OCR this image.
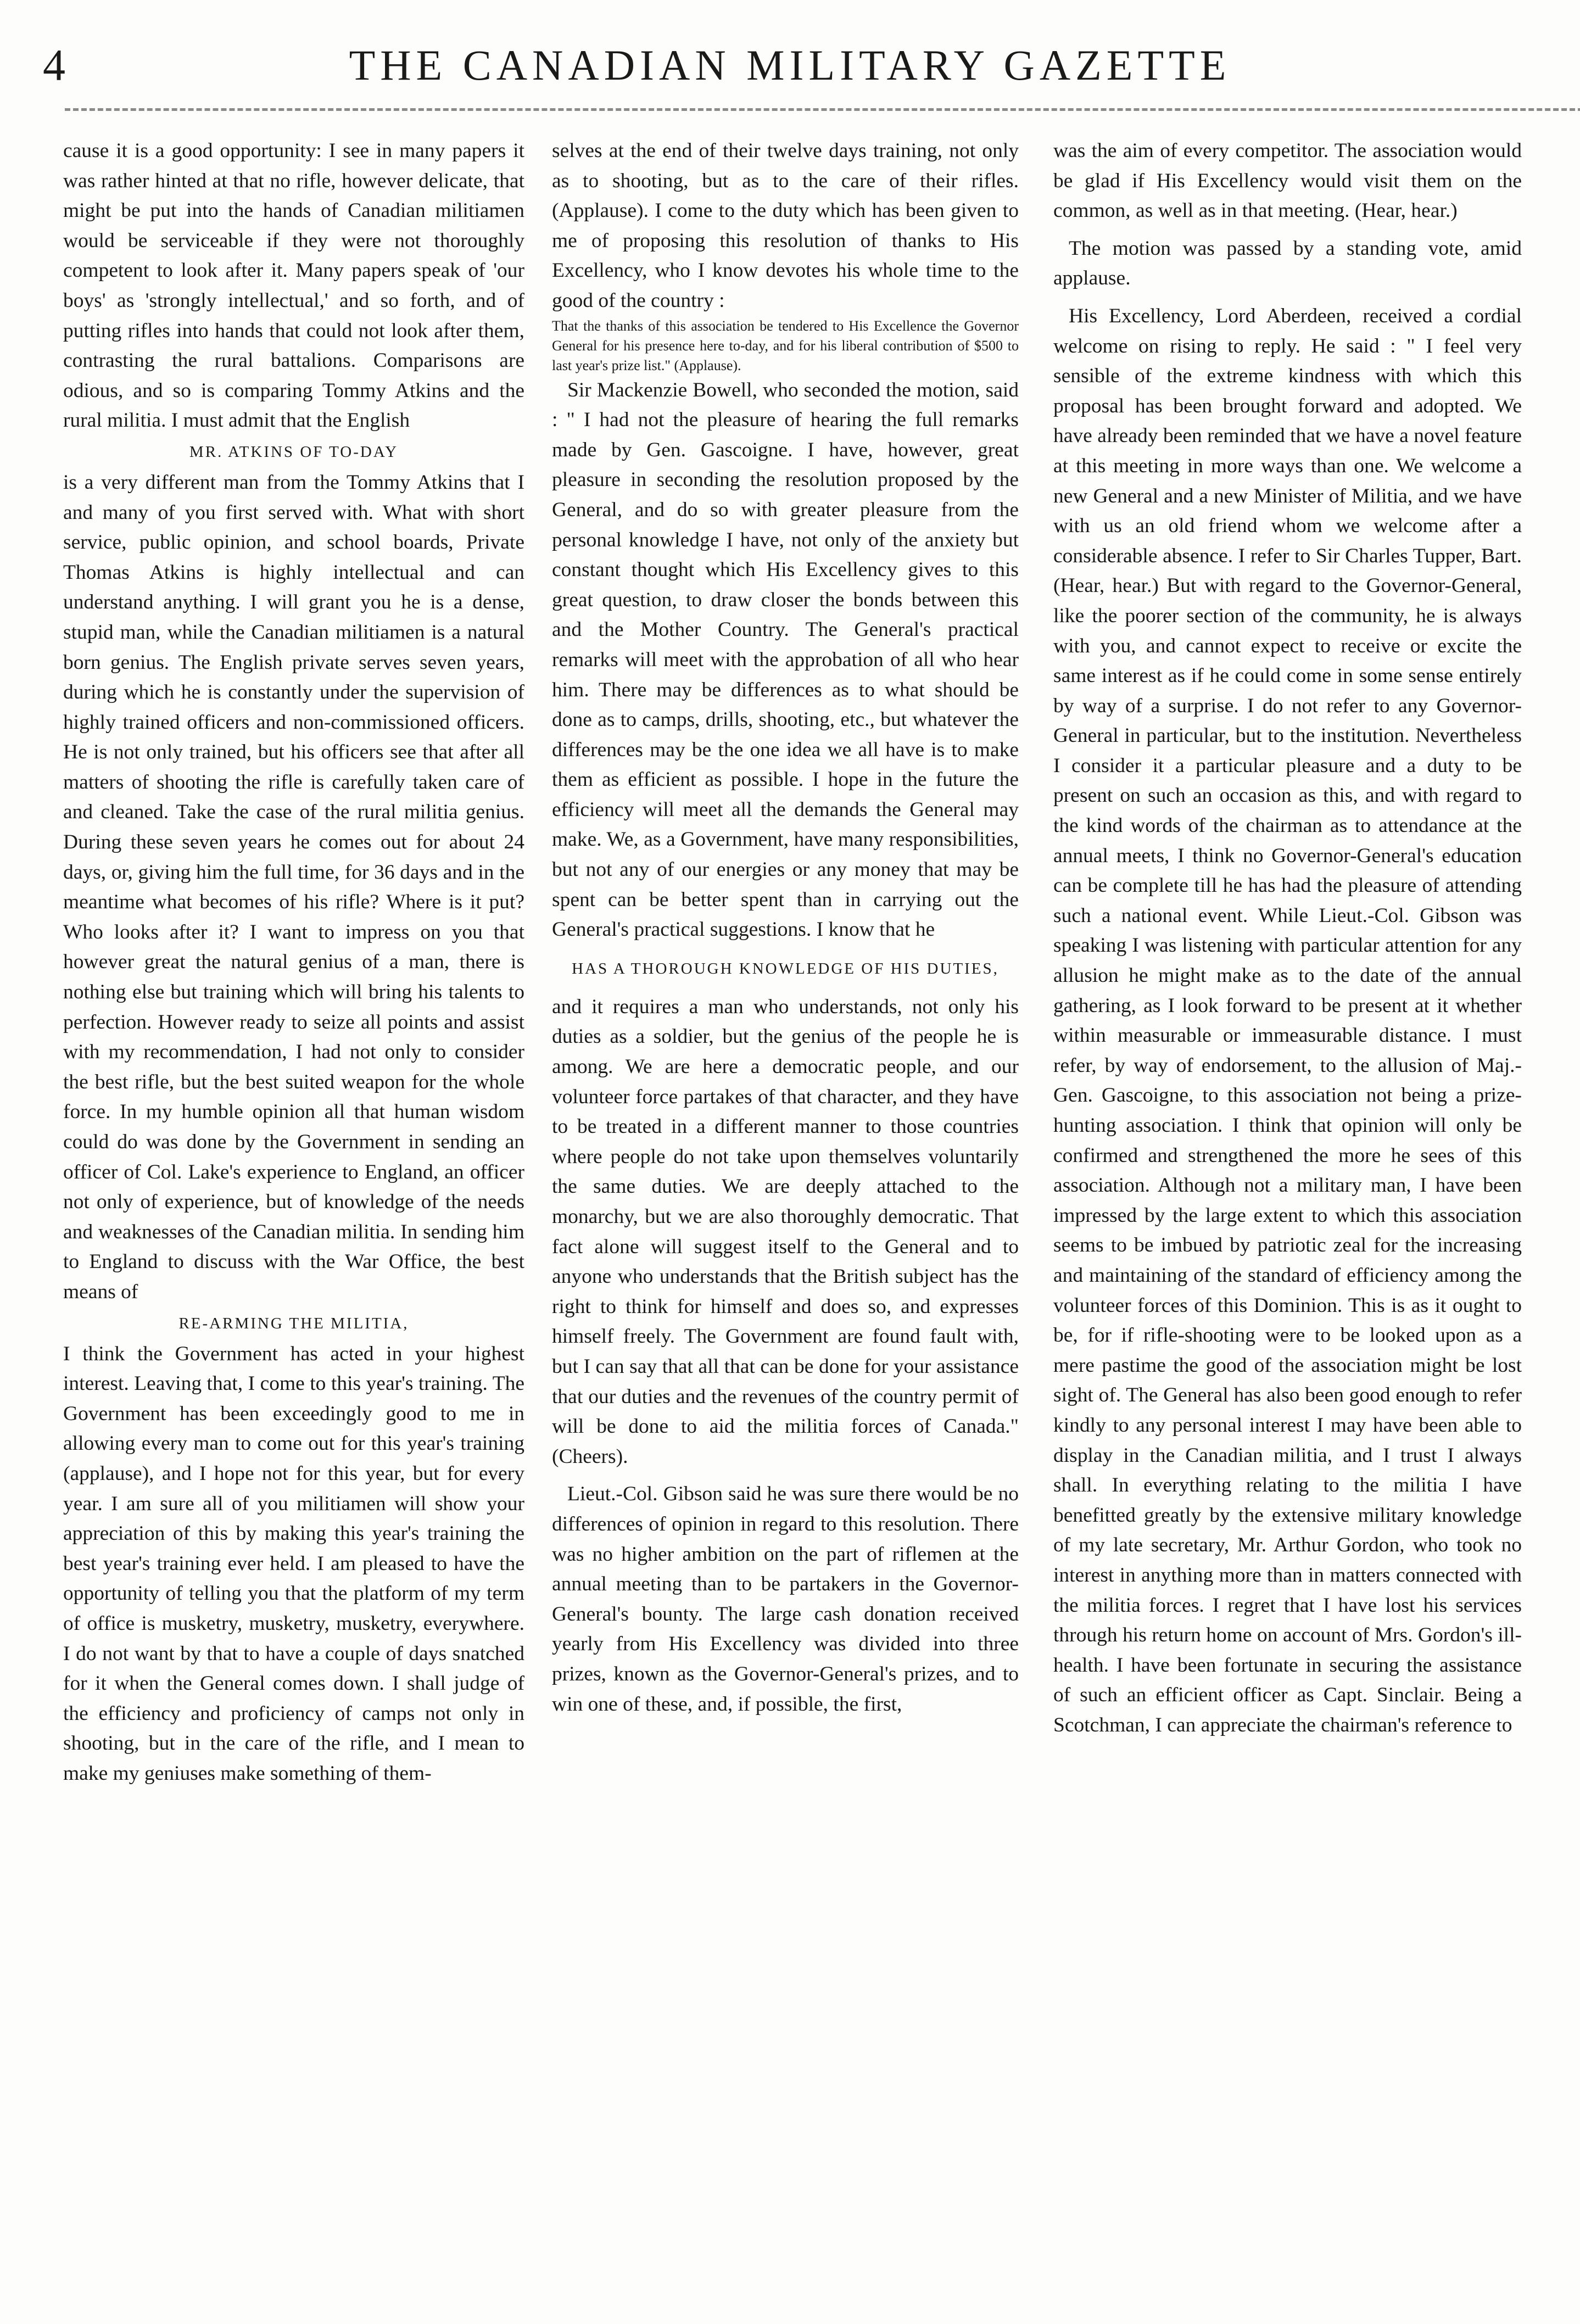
4	THE CANADIAN MILITARY GAZETTE

cause it is a good opportunity: I see in many papers it was rather hinted at that no rifle, however delicate, that might be put into the hands of Canadian militiamen would be serviceable if they were not thoroughly competent to look after it. Many papers speak of 'our boys' as 'strongly intellectual,' and so forth, and of putting rifles into hands that could not look after them, contrasting the rural battalions. Comparisons are odious, and so is comparing Tommy Atkins and the rural militia. I must admit that the English

MR. ATKINS OF TO-DAY

is a very different man from the Tommy Atkins that I and many of you first served with. What with short service, public opinion, and school boards, Private Thomas Atkins is highly intellectual and can understand anything. I will grant you he is a dense, stupid man, while the Canadian militiamen is a natural born genius. The English private serves seven years, during which he is constantly under the supervision of highly trained officers and non-commissioned officers. He is not only trained, but his officers see that after all matters of shooting the rifle is carefully taken care of and cleaned. Take the case of the rural militia genius. During these seven years he comes out for about 24 days, or, giving him the full time, for 36 days and in the meantime what becomes of his rifle? Where is it put? Who looks after it? I want to impress on you that however great the natural genius of a man, there is nothing else but training which will bring his talents to perfection. However ready to seize all points and assist with my recommendation, I had not only to consider the best rifle, but the best suited weapon for the whole force. In my humble opinion all that human wisdom could do was done by the Government in sending an officer of Col. Lake's experience to England, an officer not only of experience, but of knowledge of the needs and weaknesses of the Canadian militia. In sending him to England to discuss with the War Office, the best means of

RE-ARMING THE MILITIA,

I think the Government has acted in your highest interest. Leaving that, I come to this year's training. The Government has been exceedingly good to me in allowing every man to come out for this year's training (applause), and I hope not for this year, but for every year. I am sure all of you militiamen will show your appreciation of this by making this year's training the best year's training ever held. I am pleased to have the opportunity of telling you that the platform of my term of office is musketry, musketry, musketry, everywhere. I do not want by that to have a couple of days snatched for it when the General comes down. I shall judge of the efficiency and proficiency of camps not only in shooting, but in the care of the rifle, and I mean to make my geniuses make something of them-

selves at the end of their twelve days training, not only as to shooting, but as to the care of their rifles. (Applause). I come to the duty which has been given to me of proposing this resolution of thanks to His Excellency, who I know devotes his whole time to the good of the country :

That the thanks of this association be tendered to His Excellence the Governor General for his presence here to-day, and for his liberal contribution of $500 to last year's prize list." (Applause).

Sir Mackenzie Bowell, who seconded the motion, said : " I had not the pleasure of hearing the full remarks made by Gen. Gascoigne. I have, however, great pleasure in seconding the resolution proposed by the General, and do so with greater pleasure from the personal knowledge I have, not only of the anxiety but constant thought which His Excellency gives to this great question, to draw closer the bonds between this and the Mother Country. The General's practical remarks will meet with the approbation of all who hear him. There may be differences as to what should be done as to camps, drills, shooting, etc., but whatever the differences may be the one idea we all have is to make them as efficient as possible. I hope in the future the efficiency will meet all the demands the General may make. We, as a Government, have many responsibilities, but not any of our energies or any money that may be spent can be better spent than in carrying out the General's practical suggestions. I know that he

HAS A THOROUGH KNOWLEDGE OF HIS DUTIES,

and it requires a man who understands, not only his duties as a soldier, but the genius of the people he is among. We are here a democratic people, and our volunteer force partakes of that character, and they have to be treated in a different manner to those countries where people do not take upon themselves voluntarily the same duties. We are deeply attached to the monarchy, but we are also thoroughly democratic. That fact alone will suggest itself to the General and to anyone who understands that the British subject has the right to think for himself and does so, and expresses himself freely. The Government are found fault with, but I can say that all that can be done for your assistance that our duties and the revenues of the country permit of will be done to aid the militia forces of Canada." (Cheers).

Lieut.-Col. Gibson said he was sure there would be no differences of opinion in regard to this resolution. There was no higher ambition on the part of riflemen at the annual meeting than to be partakers in the Governor-General's bounty. The large cash donation received yearly from His Excellency was divided into three prizes, known as the Governor-General's prizes, and to win one of these, and, if possible, the first,

was the aim of every competitor. The association would be glad if His Excellency would visit them on the common, as well as in that meeting. (Hear, hear.)

The motion was passed by a standing vote, amid applause.

His Excellency, Lord Aberdeen, received a cordial welcome on rising to reply. He said : " I feel very sensible of the extreme kindness with which this proposal has been brought forward and adopted. We have already been reminded that we have a novel feature at this meeting in more ways than one. We welcome a new General and a new Minister of Militia, and we have with us an old friend whom we welcome after a considerable absence. I refer to Sir Charles Tupper, Bart. (Hear, hear.) But with regard to the Governor-General, like the poorer section of the community, he is always with you, and cannot expect to receive or excite the same interest as if he could come in some sense entirely by way of a surprise. I do not refer to any Governor-General in particular, but to the institution. Nevertheless I consider it a particular pleasure and a duty to be present on such an occasion as this, and with regard to the kind words of the chairman as to attendance at the annual meets, I think no Governor-General's education can be complete till he has had the pleasure of attending such a national event. While Lieut.-Col. Gibson was speaking I was listening with particular attention for any allusion he might make as to the date of the annual gathering, as I look forward to be present at it whether within measurable or immeasurable distance. I must refer, by way of endorsement, to the allusion of Maj.-Gen. Gascoigne, to this association not being a prize-hunting association. I think that opinion will only be confirmed and strengthened the more he sees of this association. Although not a military man, I have been impressed by the large extent to which this association seems to be imbued by patriotic zeal for the increasing and maintaining of the standard of efficiency among the volunteer forces of this Dominion. This is as it ought to be, for if rifle-shooting were to be looked upon as a mere pastime the good of the association might be lost sight of. The General has also been good enough to refer kindly to any personal interest I may have been able to display in the Canadian militia, and I trust I always shall. In everything relating to the militia I have benefitted greatly by the extensive military knowledge of my late secretary, Mr. Arthur Gordon, who took no interest in anything more than in matters connected with the militia forces. I regret that I have lost his services through his return home on account of Mrs. Gordon's ill-health. I have been fortunate in securing the assistance of such an efficient officer as Capt. Sinclair. Being a Scotchman, I can appreciate the chairman's reference to
